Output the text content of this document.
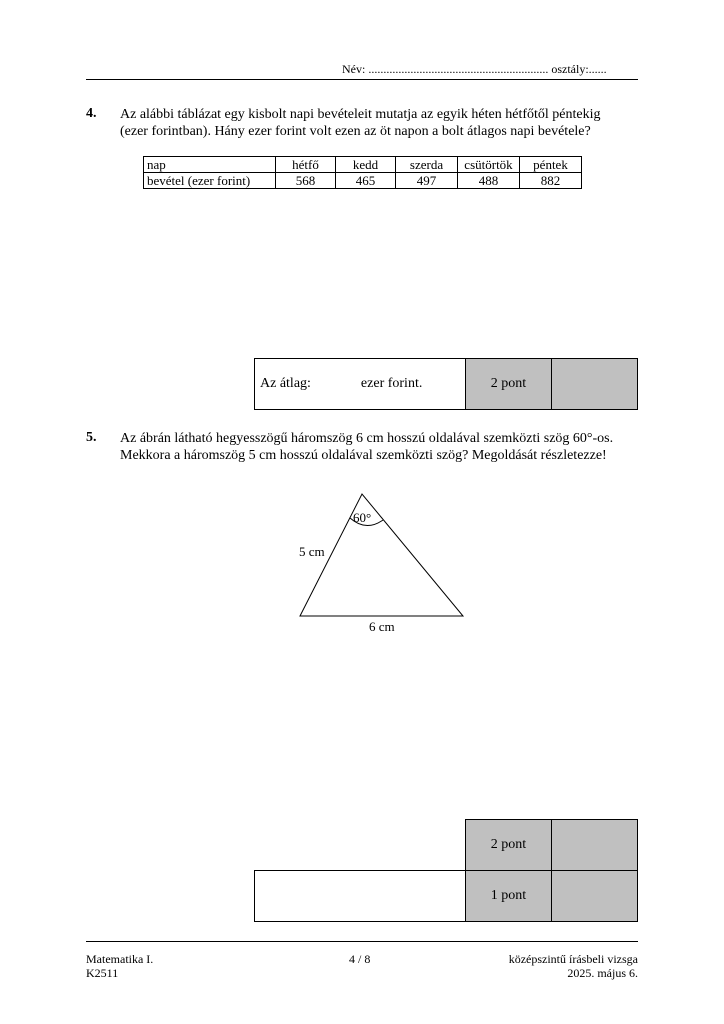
Név: ............................................................ osztály:......
4. Az alábbi táblázat egy kisbolt napi bevételeit mutatja az egyik héten hétfőtől péntekig
(ezer forintban). Hány ezer forint volt ezen az öt napon a bolt átlagos napi bevétele?
nap	hétfő	kedd	szerda	csütörtök	péntek
bevétel (ezer forint)	568	465	497	488	882
Az átlag:	ezer forint.	2 pont
5. Az ábrán látható hegyesszögű háromszög 6 cm hosszú oldalával szemközti szög 60°-os.
Mekkora a háromszög 5 cm hosszú oldalával szemközti szög? Megoldását részletezze!
60°
5 cm
6 cm
2 pont
1 pont
Matematika I.
K2511
4 / 8	középszintű írásbeli vizsga
2025. május 6.
